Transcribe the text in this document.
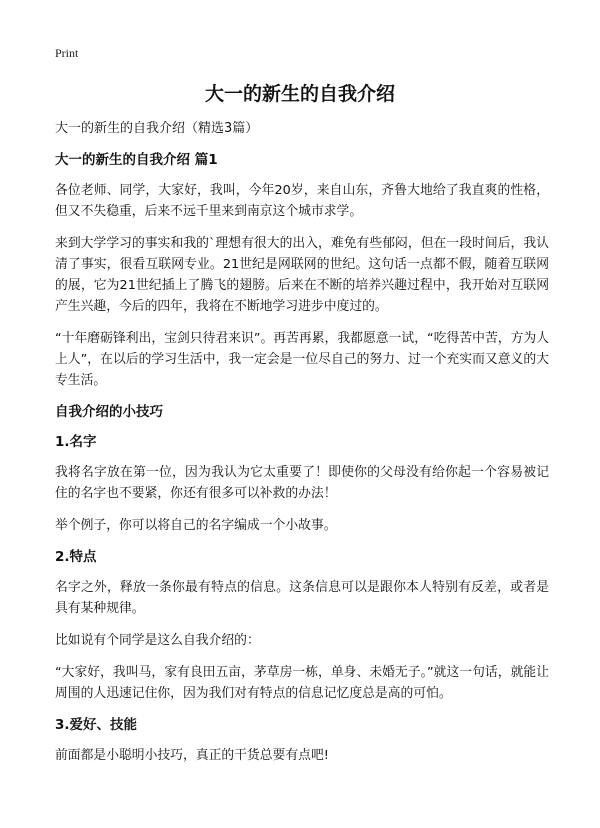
Print
大一的新生的自我介绍

大一的新生的自我介绍（精选3篇）

大一的新生的自我介绍 篇1

各位老师、同学，大家好，我叫，今年20岁，来自山东，齐鲁大地给了我直爽的性格，但又不失稳重，后来不远千里来到南京这个城市求学。

来到大学学习的事实和我的`理想有很大的出入，难免有些郁闷，但在一段时间后，我认清了事实，很看互联网专业。21世纪是网联网的世纪。这句话一点都不假，随着互联网的展，它为21世纪插上了腾飞的翅膀。后来在不断的培养兴趣过程中，我开始对互联网产生兴趣，今后的四年，我将在不断地学习进步中度过的。

“十年磨砺锋利出，宝剑只待君来识”。再苦再累，我都愿意一试，“吃得苦中苦，方为人上人”，在以后的学习生活中，我一定会是一位尽自己的努力、过一个充实而又意义的大专生活。

自我介绍的小技巧
1.名字

我将名字放在第一位，因为我认为它太重要了！即使你的父母没有给你起一个容易被记住的名字也不要紧，你还有很多可以补救的办法！

举个例子，你可以将自己的名字编成一个小故事。

2.特点

名字之外，释放一条你最有特点的信息。这条信息可以是跟你本人特别有反差，或者是具有某种规律。

比如说有个同学是这么自我介绍的：

“大家好，我叫马，家有良田五亩，茅草房一栋，单身、未婚无子。”就这一句话，就能让周围的人迅速记住你，因为我们对有特点的信息记忆度总是高的可怕。

3.爱好、技能

前面都是小聪明小技巧，真正的干货总要有点吧!
